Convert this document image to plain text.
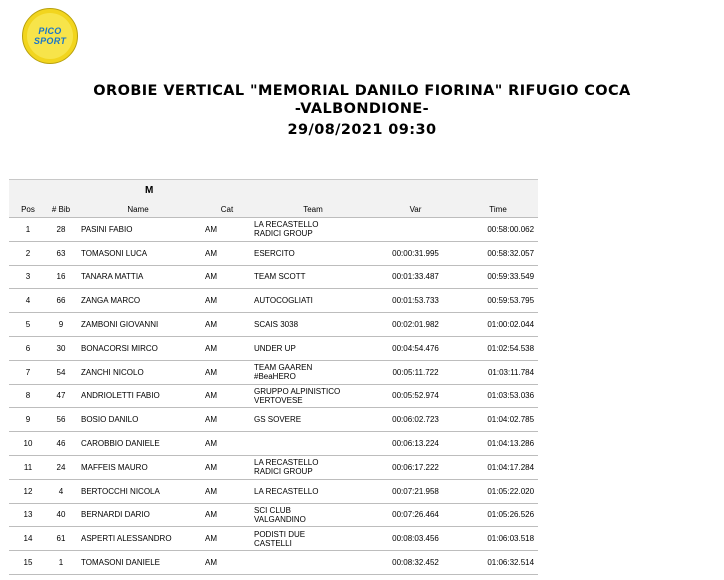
PICO
SPORT
OROBIE VERTICAL "MEMORIAL DANILO FIORINA" RIFUGIO COCA
-VALBONDIONE-
29/08/2021 09:30
M						
Pos	# Bib	Name	Cat	Team	Var	Time
1	28	PASINI FABIO	AM	LA RECASTELLO
RADICI GROUP		00:58:00.062
2	63	TOMASONI LUCA	AM	ESERCITO	00:00:31.995	00:58:32.057
3	16	TANARA MATTIA	AM	TEAM SCOTT	00:01:33.487	00:59:33.549
4	66	ZANGA MARCO	AM	AUTOCOGLIATI	00:01:53.733	00:59:53.795
5	9	ZAMBONI GIOVANNI	AM	SCAIS 3038	00:02:01.982	01:00:02.044
6	30	BONACORSI MIRCO	AM	UNDER UP	00:04:54.476	01:02:54.538
7	54	ZANCHI NICOLO	AM	TEAM GAAREN
#BeaHERO	00:05:11.722	01:03:11.784
8	47	ANDRIOLETTI FABIO	AM	GRUPPO ALPINISTICO
VERTOVESE	00:05:52.974	01:03:53.036
9	56	BOSIO DANILO	AM	GS SOVERE	00:06:02.723	01:04:02.785
10	46	CAROBBIO DANIELE	AM		00:06:13.224	01:04:13.286
11	24	MAFFEIS MAURO	AM	LA RECASTELLO
RADICI GROUP	00:06:17.222	01:04:17.284
12	4	BERTOCCHI NICOLA	AM	LA RECASTELLO	00:07:21.958	01:05:22.020
13	40	BERNARDI DARIO	AM	SCI CLUB
VALGANDINO	00:07:26.464	01:05:26.526
14	61	ASPERTI ALESSANDRO	AM	PODISTI DUE
CASTELLI	00:08:03.456	01:06:03.518
15	1	TOMASONI DANIELE	AM		00:08:32.452	01:06:32.514
